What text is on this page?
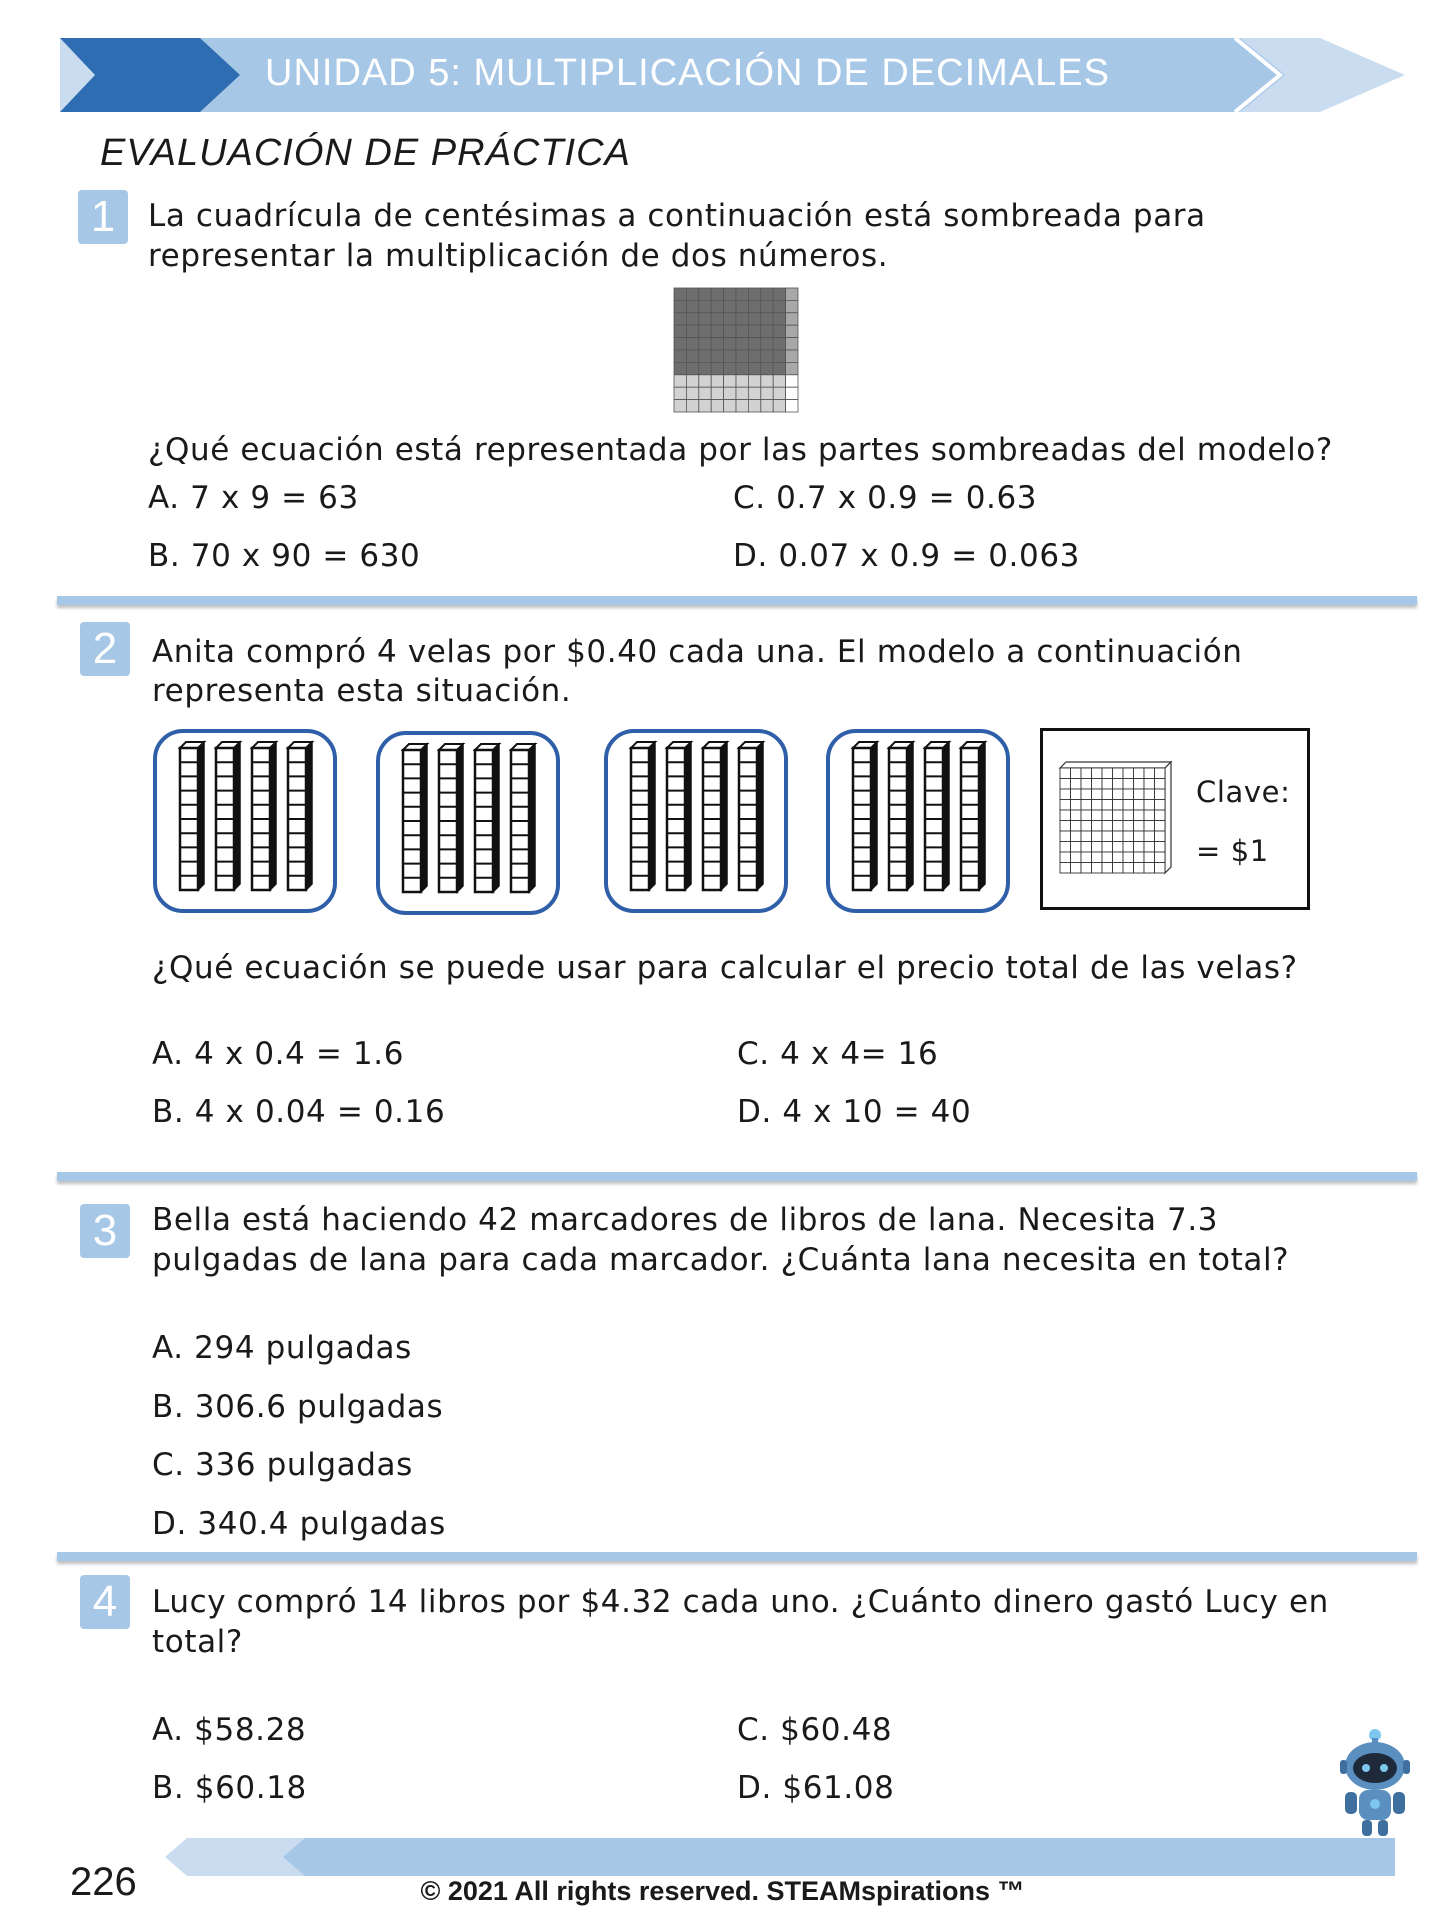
UNIDAD 5: MULTIPLICACIÓN DE DECIMALES
EVALUACIÓN DE PRÁCTICA
1	La cuadrícula de centésimas a continuación está sombreada para
representar la multiplicación de dos números.
¿Qué ecuación está representada por las partes sombreadas del modelo?
A. 7 x 9 = 63
B. 70 x 90 = 630
C. 0.7 x 0.9 = 0.63
D. 0.07 x 0.9 = 0.063
2	Anita compró 4 velas por $0.40 cada una. El modelo a continuación
representa esta situación.
Clave:
= $1
¿Qué ecuación se puede usar para calcular el precio total de las velas?
A. 4 x 0.4 = 1.6
B. 4 x 0.04 = 0.16
C. 4 x 4= 16
D. 4 x 10 = 40
3	Bella está haciendo 42 marcadores de libros de lana. Necesita 7.3
pulgadas de lana para cada marcador. ¿Cuánta lana necesita en total?
A. 294 pulgadas
B. 306.6 pulgadas
C. 336 pulgadas
D. 340.4 pulgadas
4	Lucy compró 14 libros por $4.32 cada uno. ¿Cuánto dinero gastó Lucy en
total?
A. $58.28
B. $60.18
C. $60.48
D. $61.08
226	© 2021 All rights reserved. STEAMspirations ™
